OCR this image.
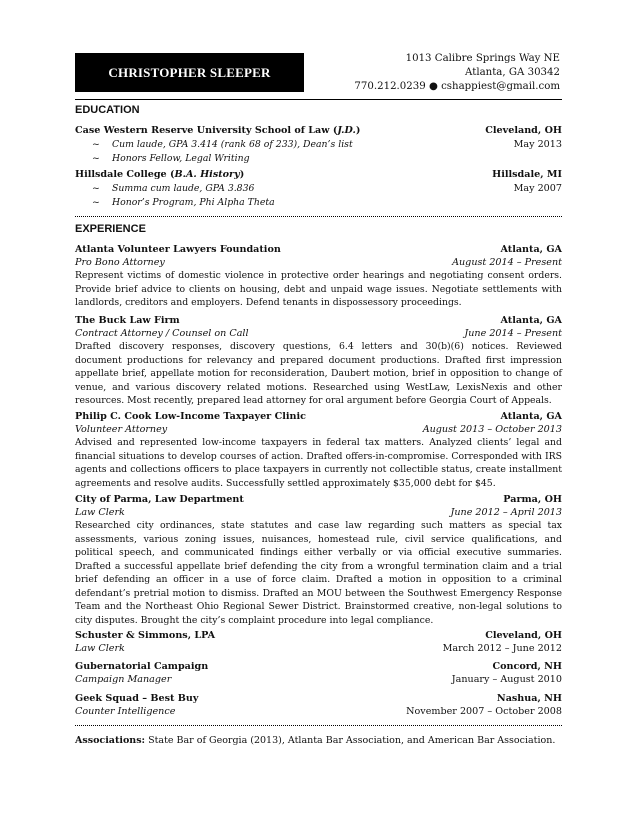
CHRISTOPHER SLEEPER
1013 Calibre Springs Way NE
Atlanta, GA 30342
770.212.0239 ● cshappiest@gmail.com
EDUCATION
Case Western Reserve University School of Law (J.D.)	Cleveland, OH
May 2013
~ Cum laude, GPA 3.414 (rank 68 of 233), Dean’s list
~ Honors Fellow, Legal Writing
Hillsdale College (B.A. History)	Hillsdale, MI
May 2007
~ Summa cum laude, GPA 3.836
~ Honor’s Program, Phi Alpha Theta
EXPERIENCE
Atlanta Volunteer Lawyers Foundation	Atlanta, GA
Pro Bono Attorney	August 2014 – Present
Represent victims of domestic violence in protective order hearings and negotiating consent orders. Provide brief advice to clients on housing, debt and unpaid wage issues. Negotiate settlements with landlords, creditors and employers. Defend tenants in dispossessory proceedings.
The Buck Law Firm	Atlanta, GA
Contract Attorney / Counsel on Call	June 2014 – Present
Drafted discovery responses, discovery questions, 6.4 letters and 30(b)(6) notices. Reviewed document productions for relevancy and prepared document productions. Drafted first impression appellate brief, appellate motion for reconsideration, Daubert motion, brief in opposition to change of venue, and various discovery related motions. Researched using WestLaw, LexisNexis and other resources. Most recently, prepared lead attorney for oral argument before Georgia Court of Appeals.
Philip C. Cook Low-Income Taxpayer Clinic	Atlanta, GA
Volunteer Attorney	August 2013 – October 2013
Advised and represented low-income taxpayers in federal tax matters. Analyzed clients’ legal and financial situations to develop courses of action. Drafted offers-in-compromise. Corresponded with IRS agents and collections officers to place taxpayers in currently not collectible status, create installment agreements and resolve audits. Successfully settled approximately $35,000 debt for $45.
City of Parma, Law Department	Parma, OH
Law Clerk	June 2012 – April 2013
Researched city ordinances, state statutes and case law regarding such matters as special tax assessments, various zoning issues, nuisances, homestead rule, civil service qualifications, and political speech, and communicated findings either verbally or via official executive summaries. Drafted a successful appellate brief defending the city from a wrongful termination claim and a trial brief defending an officer in a use of force claim. Drafted a motion in opposition to a criminal defendant’s pretrial motion to dismiss. Drafted an MOU between the Southwest Emergency Response Team and the Northeast Ohio Regional Sewer District. Brainstormed creative, non-legal solutions to city disputes. Brought the city’s complaint procedure into legal compliance.
Schuster & Simmons, LPA	Cleveland, OH
Law Clerk	March 2012 – June 2012
Gubernatorial Campaign	Concord, NH
Campaign Manager	January – August 2010
Geek Squad – Best Buy	Nashua, NH
Counter Intelligence	November 2007 – October 2008
Associations: State Bar of Georgia (2013), Atlanta Bar Association, and American Bar Association.
